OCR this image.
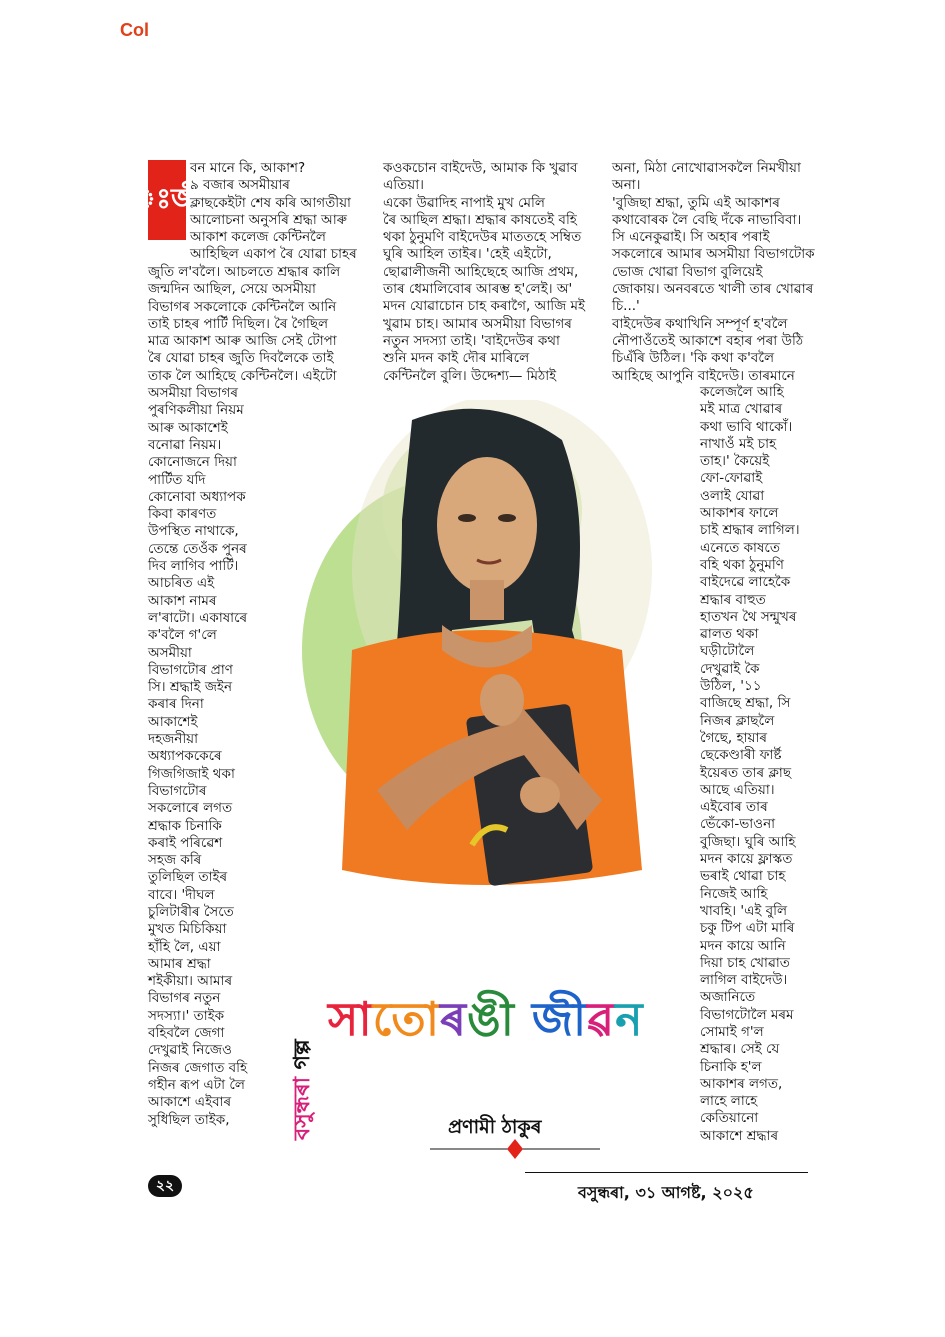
Col
ঃজী

বন মানে কি, আকাশ?

৯ বজাৰ অসমীয়াৰ

ক্লাছকেইটা শেষ কৰি আগতীয়া

আলোচনা অনুসৰি শ্ৰদ্ধা আৰু

আকাশ কলেজ কেন্টিনলৈ

আহিছিল একাপ ৰৈ যোৱা চাহৰ

জুতি ল'বলৈ। আচলতে শ্ৰদ্ধাৰ কালি

জন্মদিন আছিল, সেয়ে অসমীয়া

বিভাগৰ সকলোকে কেন্টিনলৈ আনি

তাই চাহৰ পাৰ্টি দিছিল। ৰৈ গৈছিল

মাত্ৰ আকাশ আৰু আজি সেই টোপা

ৰৈ যোৱা চাহৰ জুতি দিবলৈকে তাই

তাক লৈ আহিছে কেন্টিনলৈ। এইটো

অসমীয়া বিভাগৰ

পুৰণিকলীয়া নিয়ম

আৰু আকাশেই

বনোৱা নিয়ম।

কোনোজনে দিয়া

পাৰ্টিত যদি

কোনোবা অধ্যাপক

কিবা কাৰণত

উপস্থিত নাথাকে,

তেন্তে তেওঁক পুনৰ

দিব লাগিব পাৰ্টি।

আচৰিত এই

আকাশ নামৰ

ল'ৰাটো। একাষাৰে

ক'বলৈ গ'লে

অসমীয়া

বিভাগটোৰ প্ৰাণ

সি। শ্ৰদ্ধাই জইন

কৰাৰ দিনা

আকাশেই

দহজনীয়া

অধ্যাপককেৰে

গিজগিজাই থকা

বিভাগটোৰ

সকলোৰে লগত

শ্ৰদ্ধাক চিনাকি

কৰাই পৰিৱেশ

সহজ কৰি

তুলিছিল তাইৰ

বাবে। 'দীঘল

চুলিটাৰীৰ সৈতে

মুখত মিচিকিয়া

হাঁহি লৈ, এয়া

আমাৰ শ্ৰদ্ধা

শইকীয়া। আমাৰ

বিভাগৰ নতুন

সদস্যা।' তাইক

বহিবলৈ জেগা

দেখুৱাই নিজেও

নিজৰ জেগাত বহি

গহীন ৰূপ এটা লৈ

আকাশে এইবাৰ

সুধিছিল তাইক,

কওকচোন বাইদেউ, আমাক কি খুৱাব

এতিয়া।

একো উৱাদিহ নাপাই মুখ মেলি

ৰৈ আছিল শ্ৰদ্ধা। শ্ৰদ্ধাৰ কাষতেই বহি

থকা ঠুনুমণি বাইদেউৰ মাততহে সম্বিত

ঘুৰি আহিল তাইৰ। 'হেই এইটো,

ছোৱালীজনী আহিছেহে আজি প্ৰথম,

তাৰ ধেমালিবোৰ আৰম্ভ হ'লেই। অ'

মদন যোৱাচোন চাহ কৰাগৈ, আজি মই

খুৱাম চাহ। আমাৰ অসমীয়া বিভাগৰ

নতুন সদস্যা তাই। 'বাইদেউৰ কথা

শুনি মদন কাই দৌৰ মাৰিলে

কেন্টিনলৈ বুলি। উদ্দেশ্য— মিঠাই

অনা, মিঠা নোখোৱাসকলৈ নিমখীয়া

অনা।

'বুজিছা শ্ৰদ্ধা, তুমি এই আকাশৰ

কথাবোৰক লৈ বেছি দঁকে নাভাবিবা।

সি এনেকুৱাই। সি অহাৰ পৰাই

সকলোৰে আমাৰ অসমীয়া বিভাগটোক

ভোজ খোৱা বিভাগ বুলিয়েই

জোকায়। অনবৰতে খালী তাৰ খোৱাৰ

চি...'

বাইদেউৰ কথাখিনি সম্পূৰ্ণ হ'বলৈ

নৌপাওঁতেই আকাশে বহাৰ পৰা উঠি

চিএঁৰি উঠিল। 'কি কথা ক'বলৈ

আহিছে আপুনি বাইদেউ। তাৰমানে

কলেজলৈ আহি

মই মাত্ৰ খোৱাৰ

কথা ভাবি থাকোঁ।

নাখাওঁ মই চাহ

তাহ।' কৈয়েই

ফো-ফোৱাই

ওলাই যোৱা

আকাশৰ ফালে

চাই শ্ৰদ্ধাৰ লাগিল।

এনেতে কাষতে

বহি থকা ঠুনুমণি

বাইদেৱে লাহেকৈ

শ্ৰদ্ধাৰ বাহুত

হাতখন থৈ সন্মুখৰ

ৱালত থকা

ঘড়ীটোলৈ

দেখুৱাই কৈ

উঠিল, '১১

বাজিছে শ্ৰদ্ধা, সি

নিজৰ ক্লাছলৈ

গৈছে, হায়াৰ

ছেকেণ্ডাৰী ফাৰ্ষ্ট

ইয়েৰত তাৰ ক্লাছ

আছে এতিয়া।

এইবোৰ তাৰ

ভেঁকো-ভাওনা

বুজিছা। ঘুৰি আহি

মদন কায়ে ফ্লাস্কত

ভৰাই থোৱা চাহ

নিজেই আহি

খাবহি। 'এই বুলি

চকু টিপ এটা মাৰি

মদন কায়ে আনি

দিয়া চাহ খোৱাত

লাগিল বাইদেউ।

অজানিতে

বিভাগটোলৈ মৰম

সোমাই গ'ল

শ্ৰদ্ধাৰ। সেই যে

চিনাকি হ'ল

আকাশৰ লগত,

লাহে লাহে

কেতিয়ানো

আকাশে শ্ৰদ্ধাৰ

বসুন্ধৰা গল্প
সাতোৰঙী জীৱন
প্ৰণামী ঠাকুৰ
২২	বসুন্ধৰা, ৩১ আগষ্ট, ২০২৫
